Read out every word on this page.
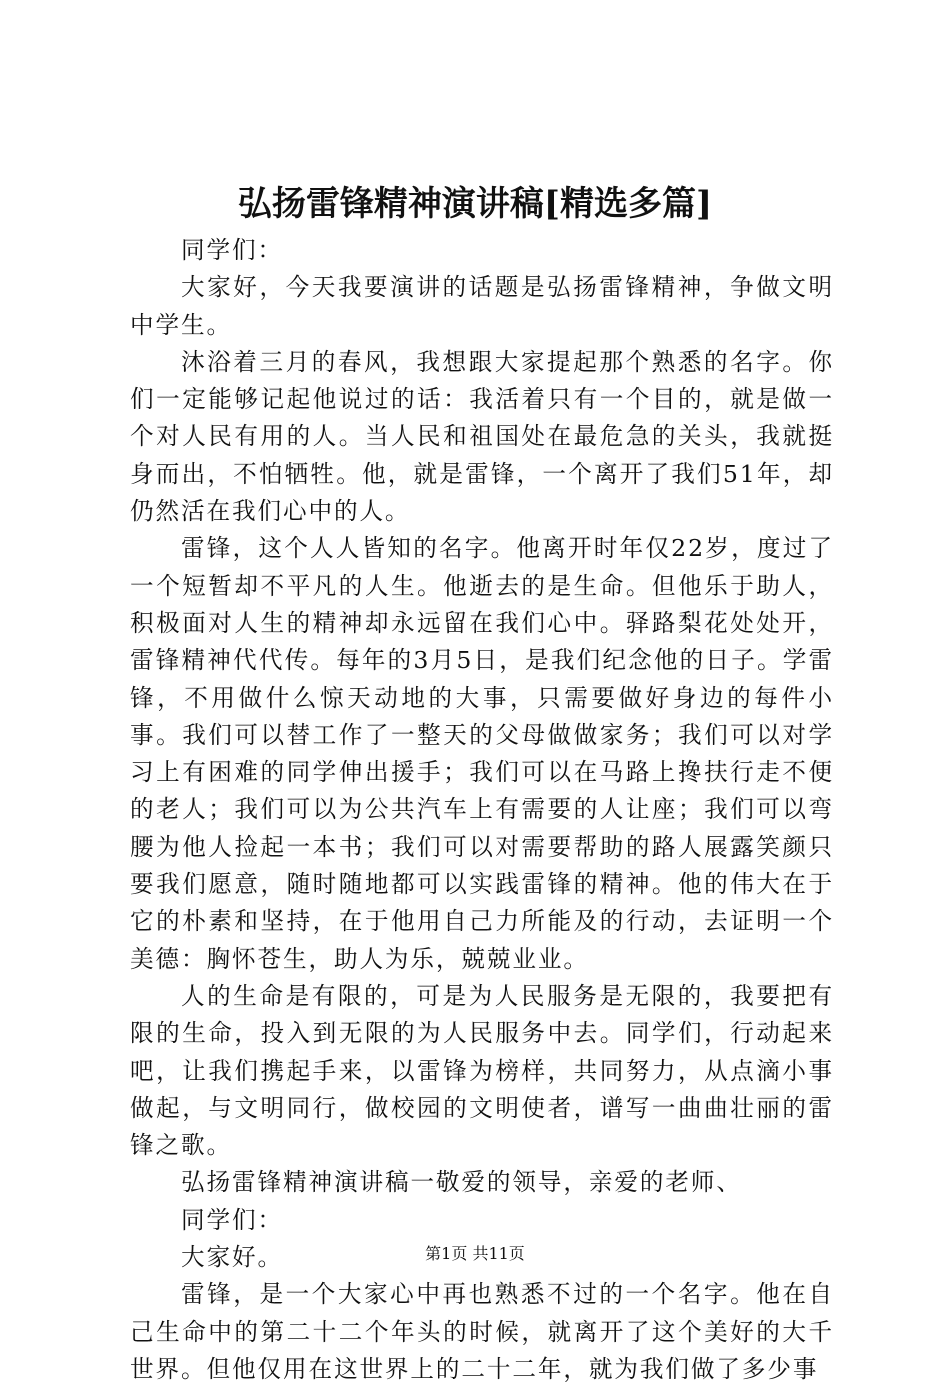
弘扬雷锋精神演讲稿[精选多篇]

同学们：

大家好，今天我要演讲的话题是弘扬雷锋精神，争做文明中学生。

沐浴着三月的春风，我想跟大家提起那个熟悉的名字。你们一定能够记起他说过的话：我活着只有一个目的，就是做一个对人民有用的人。当人民和祖国处在最危急的关头，我就挺身而出，不怕牺牲。他，就是雷锋，一个离开了我们51年，却仍然活在我们心中的人。

雷锋，这个人人皆知的名字。他离开时年仅22岁，度过了一个短暂却不平凡的人生。他逝去的是生命。但他乐于助人，积极面对人生的精神却永远留在我们心中。驿路梨花处处开，雷锋精神代代传。每年的3月5日，是我们纪念他的日子。学雷锋，不用做什么惊天动地的大事，只需要做好身边的每件小事。我们可以替工作了一整天的父母做做家务；我们可以对学习上有困难的同学伸出援手；我们可以在马路上搀扶行走不便的老人；我们可以为公共汽车上有需要的人让座；我们可以弯腰为他人捡起一本书；我们可以对需要帮助的路人展露笑颜只要我们愿意，随时随地都可以实践雷锋的精神。他的伟大在于它的朴素和坚持，在于他用自己力所能及的行动，去证明一个美德：胸怀苍生，助人为乐，兢兢业业。

人的生命是有限的，可是为人民服务是无限的，我要把有限的生命，投入到无限的为人民服务中去。同学们，行动起来吧，让我们携起手来，以雷锋为榜样，共同努力，从点滴小事做起，与文明同行，做校园的文明使者，谱写一曲曲壮丽的雷锋之歌。

弘扬雷锋精神演讲稿一敬爱的领导，亲爱的老师、

同学们：

大家好。

雷锋，是一个大家心中再也熟悉不过的一个名字。他在自己生命中的第二十二个年头的时候，就离开了这个美好的大千世界。但他仅用在这世界上的二十二年，就为我们做了多少事

第1页 共11页
